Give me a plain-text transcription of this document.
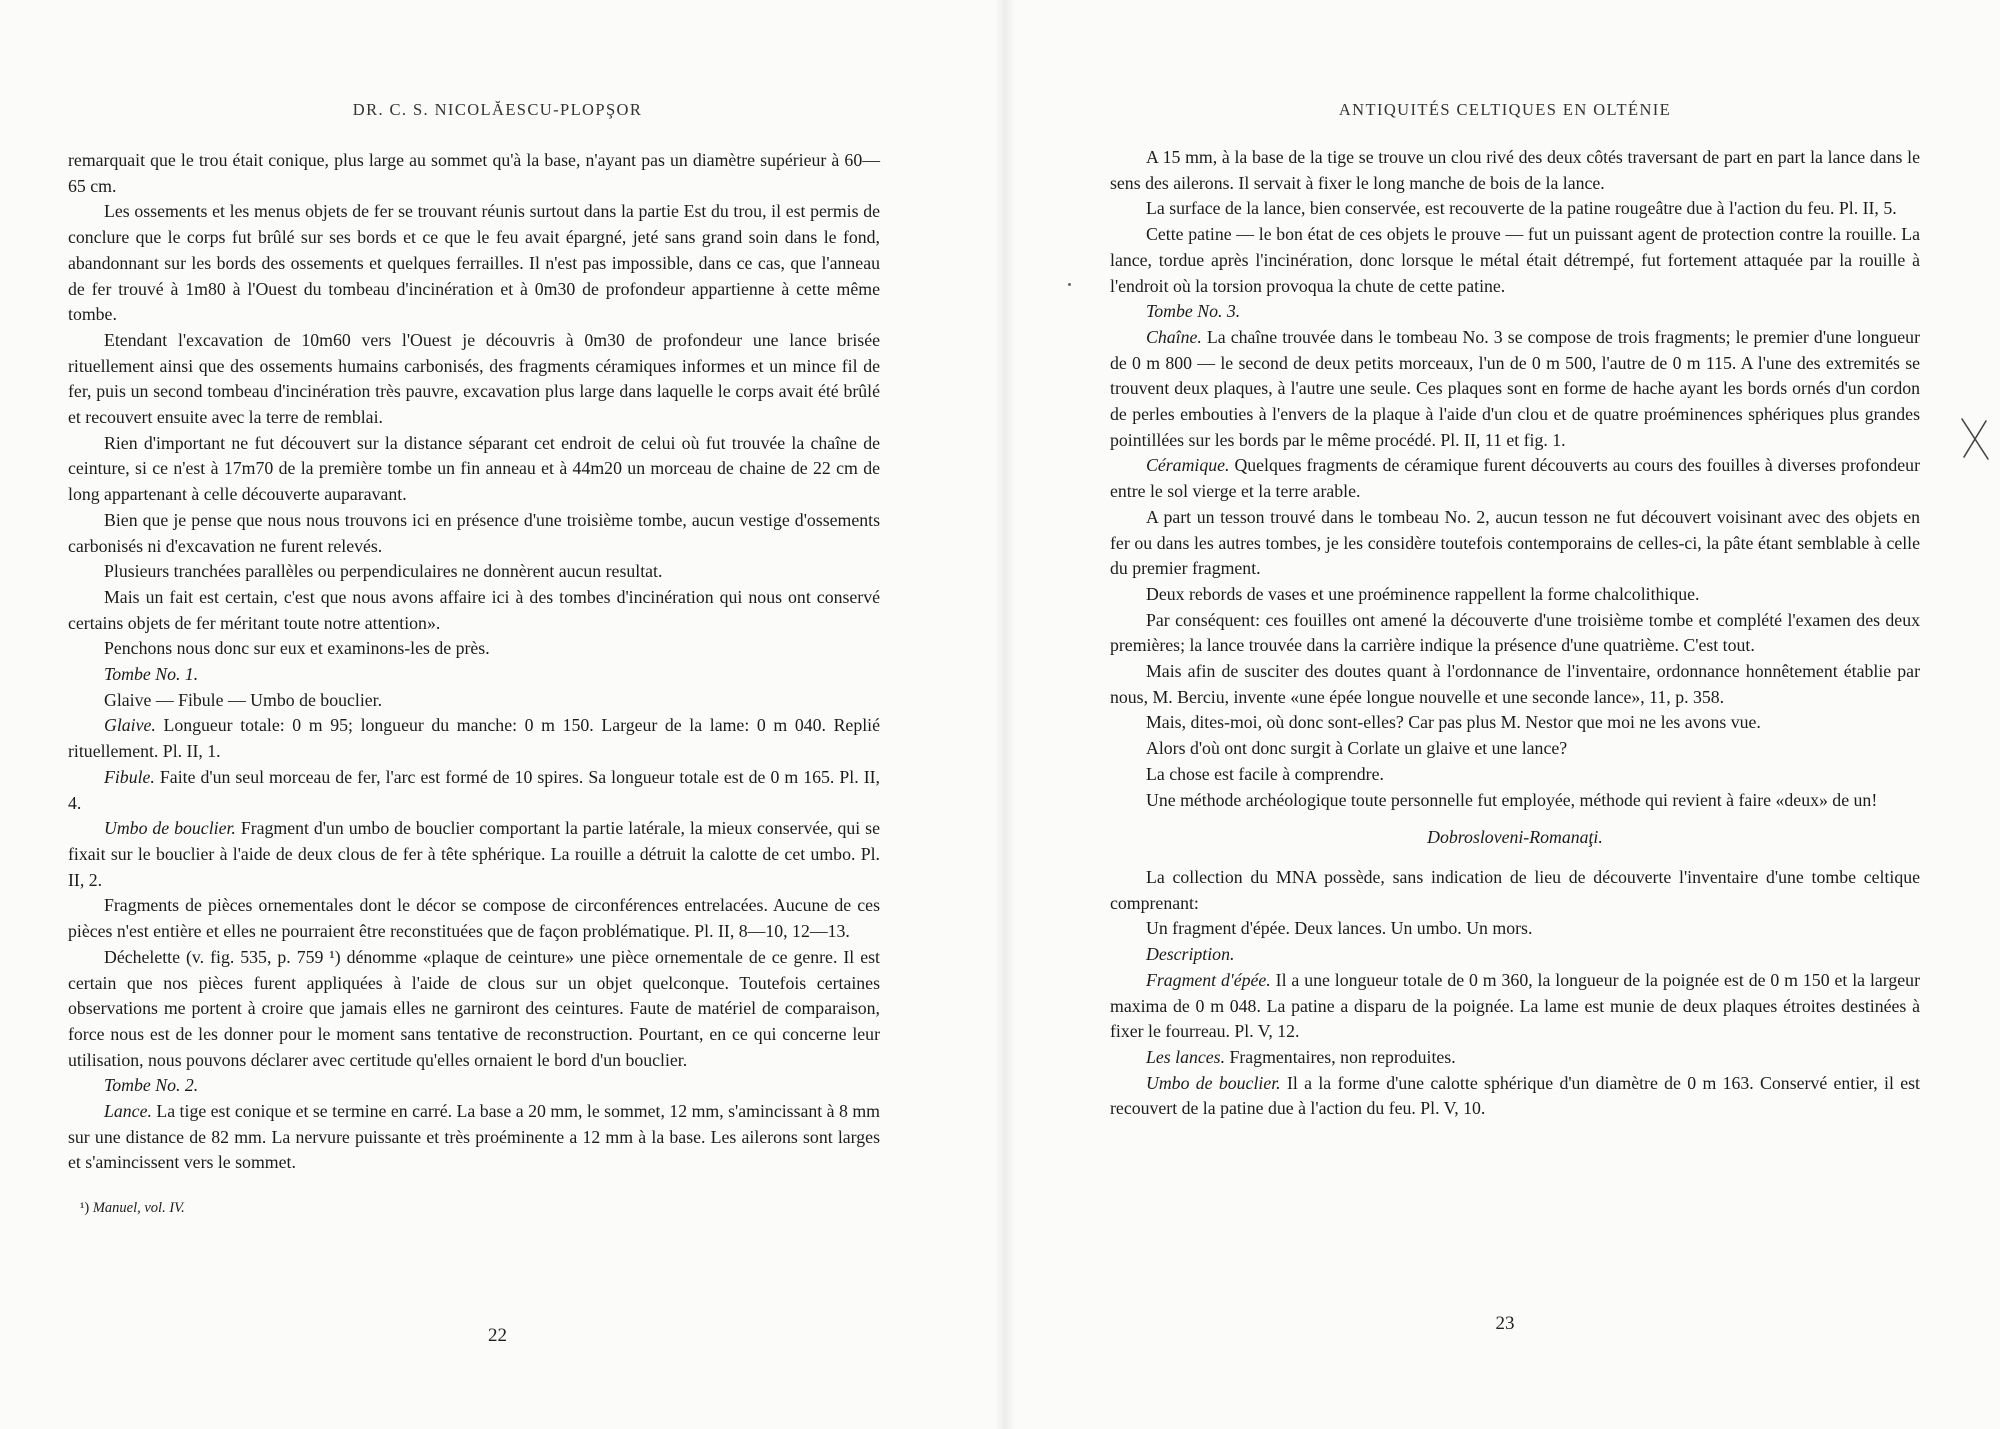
DR. C. S. NICOLĂESCU-PLOPŞOR

remarquait que le trou était conique, plus large au sommet qu'à la base, n'ayant pas un diamètre supérieur à 60—65 cm.

Les ossements et les menus objets de fer se trouvant réunis surtout dans la partie Est du trou, il est permis de conclure que le corps fut brûlé sur ses bords et ce que le feu avait épargné, jeté sans grand soin dans le fond, abandonnant sur les bords des ossements et quelques ferrailles. Il n'est pas impossible, dans ce cas, que l'anneau de fer trouvé à 1m80 à l'Ouest du tombeau d'incinération et à 0m30 de profondeur appartienne à cette même tombe.

Etendant l'excavation de 10m60 vers l'Ouest je découvris à 0m30 de profondeur une lance brisée rituellement ainsi que des ossements humains carbonisés, des fragments céramiques informes et un mince fil de fer, puis un second tombeau d'incinération très pauvre, excavation plus large dans laquelle le corps avait été brûlé et recouvert ensuite avec la terre de remblai.

Rien d'important ne fut découvert sur la distance séparant cet endroit de celui où fut trouvée la chaîne de ceinture, si ce n'est à 17m70 de la première tombe un fin anneau et à 44m20 un morceau de chaine de 22 cm de long appartenant à celle découverte auparavant.

Bien que je pense que nous nous trouvons ici en présence d'une troisième tombe, aucun vestige d'ossements carbonisés ni d'excavation ne furent relevés.

Plusieurs tranchées parallèles ou perpendiculaires ne donnèrent aucun resultat.

Mais un fait est certain, c'est que nous avons affaire ici à des tombes d'incinération qui nous ont conservé certains objets de fer méritant toute notre attention».

Penchons nous donc sur eux et examinons-les de près.

Tombe No. 1.

Glaive — Fibule — Umbo de bouclier.

Glaive. Longueur totale: 0 m 95; longueur du manche: 0 m 150. Largeur de la lame: 0 m 040. Replié rituellement. Pl. II, 1.

Fibule. Faite d'un seul morceau de fer, l'arc est formé de 10 spires. Sa longueur totale est de 0 m 165. Pl. II, 4.

Umbo de bouclier. Fragment d'un umbo de bouclier comportant la partie latérale, la mieux conservée, qui se fixait sur le bouclier à l'aide de deux clous de fer à tête sphérique. La rouille a détruit la calotte de cet umbo. Pl. II, 2.

Fragments de pièces ornementales dont le décor se compose de circonférences entrelacées. Aucune de ces pièces n'est entière et elles ne pourraient être reconstituées que de façon problématique. Pl. II, 8—10, 12—13.

Déchelette (v. fig. 535, p. 759 ¹) dénomme «plaque de ceinture» une pièce ornementale de ce genre. Il est certain que nos pièces furent appliquées à l'aide de clous sur un objet quelconque. Toutefois certaines observations me portent à croire que jamais elles ne garniront des ceintures. Faute de matériel de comparaison, force nous est de les donner pour le moment sans tentative de reconstruction. Pourtant, en ce qui concerne leur utilisation, nous pouvons déclarer avec certitude qu'elles ornaient le bord d'un bouclier.

Tombe No. 2.

Lance. La tige est conique et se termine en carré. La base a 20 mm, le sommet, 12 mm, s'amincissant à 8 mm sur une distance de 82 mm. La nervure puissante et très proéminente a 12 mm à la base. Les ailerons sont larges et s'amincissent vers le sommet.

¹) Manuel, vol. IV.

22
ANTIQUITÉS CELTIQUES EN OLTÉNIE

A 15 mm, à la base de la tige se trouve un clou rivé des deux côtés traversant de part en part la lance dans le sens des ailerons. Il servait à fixer le long manche de bois de la lance.

La surface de la lance, bien conservée, est recouverte de la patine rougeâtre due à l'action du feu. Pl. II, 5.

Cette patine — le bon état de ces objets le prouve — fut un puissant agent de protection contre la rouille. La lance, tordue après l'incinération, donc lorsque le métal était détrempé, fut fortement attaquée par la rouille à l'endroit où la torsion provoqua la chute de cette patine.

Tombe No. 3.

Chaîne. La chaîne trouvée dans le tombeau No. 3 se compose de trois fragments; le premier d'une longueur de 0 m 800 — le second de deux petits morceaux, l'un de 0 m 500, l'autre de 0 m 115. A l'une des extremités se trouvent deux plaques, à l'autre une seule. Ces plaques sont en forme de hache ayant les bords ornés d'un cordon de perles embouties à l'envers de la plaque à l'aide d'un clou et de quatre proéminences sphériques plus grandes pointillées sur les bords par le même procédé. Pl. II, 11 et fig. 1.

Céramique. Quelques fragments de céramique furent découverts au cours des fouilles à diverses profondeur entre le sol vierge et la terre arable.

A part un tesson trouvé dans le tombeau No. 2, aucun tesson ne fut découvert voisinant avec des objets en fer ou dans les autres tombes, je les considère toutefois contemporains de celles-ci, la pâte étant semblable à celle du premier fragment.

Deux rebords de vases et une proéminence rappellent la forme chalcolithique.

Par conséquent: ces fouilles ont amené la découverte d'une troisième tombe et complété l'examen des deux premières; la lance trouvée dans la carrière indique la présence d'une quatrième. C'est tout.

Mais afin de susciter des doutes quant à l'ordonnance de l'inventaire, ordonnance honnêtement établie par nous, M. Berciu, invente «une épée longue nouvelle et une seconde lance», 11, p. 358.

Mais, dites-moi, où donc sont-elles? Car pas plus M. Nestor que moi ne les avons vue.

Alors d'où ont donc surgit à Corlate un glaive et une lance?

La chose est facile à comprendre.

Une méthode archéologique toute personnelle fut employée, méthode qui revient à faire «deux» de un!

Dobrosloveni-Romanaţi.

La collection du MNA possède, sans indication de lieu de découverte l'inventaire d'une tombe celtique comprenant:

Un fragment d'épée. Deux lances. Un umbo. Un mors.

Description.

Fragment d'épée. Il a une longueur totale de 0 m 360, la longueur de la poignée est de 0 m 150 et la largeur maxima de 0 m 048. La patine a disparu de la poignée. La lame est munie de deux plaques étroites destinées à fixer le fourreau. Pl. V, 12.

Les lances. Fragmentaires, non reproduites.

Umbo de bouclier. Il a la forme d'une calotte sphérique d'un diamètre de 0 m 163. Conservé entier, il est recouvert de la patine due à l'action du feu. Pl. V, 10.

23
